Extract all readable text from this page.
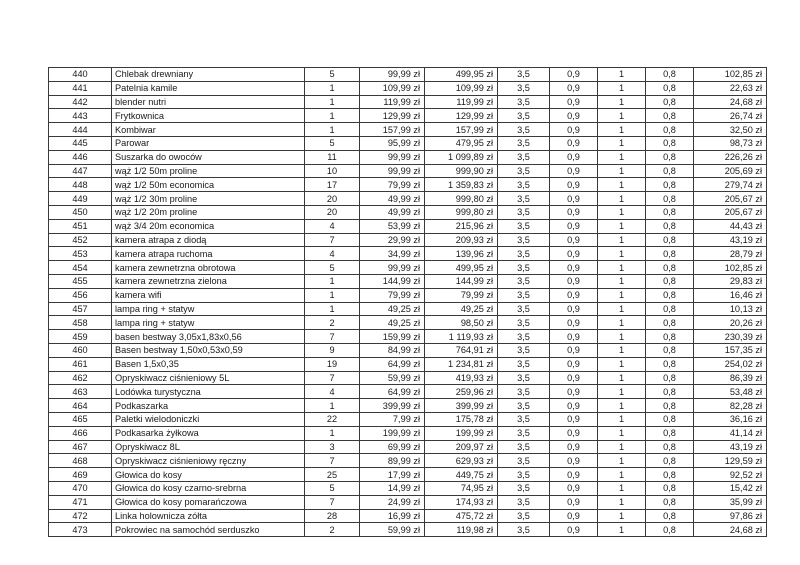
440	Chlebak drewniany	5	99,99 zł	499,95 zł	3,5	0,9	1	0,8	102,85 zł
441	Patelnia kamile	1	109,99 zł	109,99 zł	3,5	0,9	1	0,8	22,63 zł
442	blender nutri	1	119,99 zł	119,99 zł	3,5	0,9	1	0,8	24,68 zł
443	Frytkownica	1	129,99 zł	129,99 zł	3,5	0,9	1	0,8	26,74 zł
444	Kombiwar	1	157,99 zł	157,99 zł	3,5	0,9	1	0,8	32,50 zł
445	Parowar	5	95,99 zł	479,95 zł	3,5	0,9	1	0,8	98,73 zł
446	Suszarka do owoców	11	99,99 zł	1 099,89 zł	3,5	0,9	1	0,8	226,26 zł
447	wąż 1/2 50m proline	10	99,99 zł	999,90 zł	3,5	0,9	1	0,8	205,69 zł
448	wąż 1/2 50m economica	17	79,99 zł	1 359,83 zł	3,5	0,9	1	0,8	279,74 zł
449	wąż 1/2 30m proline	20	49,99 zł	999,80 zł	3,5	0,9	1	0,8	205,67 zł
450	wąż 1/2 20m proline	20	49,99 zł	999,80 zł	3,5	0,9	1	0,8	205,67 zł
451	wąż 3/4 20m economica	4	53,99 zł	215,96 zł	3,5	0,9	1	0,8	44,43 zł
452	kamera atrapa z diodą	7	29,99 zł	209,93 zł	3,5	0,9	1	0,8	43,19 zł
453	kamera atrapa ruchoma	4	34,99 zł	139,96 zł	3,5	0,9	1	0,8	28,79 zł
454	kamera zewnetrzna obrotowa	5	99,99 zł	499,95 zł	3,5	0,9	1	0,8	102,85 zł
455	kamera zewnetrzna zielona	1	144,99 zł	144,99 zł	3,5	0,9	1	0,8	29,83 zł
456	kamera wifi	1	79,99 zł	79,99 zł	3,5	0,9	1	0,8	16,46 zł
457	lampa ring + statyw	1	49,25 zł	49,25 zł	3,5	0,9	1	0,8	10,13 zł
458	lampa ring + statyw	2	49,25 zł	98,50 zł	3,5	0,9	1	0,8	20,26 zł
459	basen bestway 3,05x1,83x0,56	7	159,99 zł	1 119,93 zł	3,5	0,9	1	0,8	230,39 zł
460	Basen bestway 1,50x0,53x0,59	9	84,99 zł	764,91 zł	3,5	0,9	1	0,8	157,35 zł
461	Basen 1,5x0,35	19	64,99 zł	1 234,81 zł	3,5	0,9	1	0,8	254,02 zł
462	Opryskiwacz ciśnieniowy 5L	7	59,99 zł	419,93 zł	3,5	0,9	1	0,8	86,39 zł
463	Lodówka turystyczna	4	64,99 zł	259,96 zł	3,5	0,9	1	0,8	53,48 zł
464	Podkaszarka	1	399,99 zł	399,99 zł	3,5	0,9	1	0,8	82,28 zł
465	Paletki wielodoniczki	22	7,99 zł	175,78 zł	3,5	0,9	1	0,8	36,16 zł
466	Podkasarka żyłkowa	1	199,99 zł	199,99 zł	3,5	0,9	1	0,8	41,14 zł
467	Opryskiwacz 8L	3	69,99 zł	209,97 zł	3,5	0,9	1	0,8	43,19 zł
468	Opryskiwacz ciśnieniowy ręczny	7	89,99 zł	629,93 zł	3,5	0,9	1	0,8	129,59 zł
469	Głowica do kosy	25	17,99 zł	449,75 zł	3,5	0,9	1	0,8	92,52 zł
470	Głowica do kosy czarno-srebrna	5	14,99 zł	74,95 zł	3,5	0,9	1	0,8	15,42 zł
471	Głowica do kosy pomarańczowa	7	24,99 zł	174,93 zł	3,5	0,9	1	0,8	35,99 zł
472	Linka holownicza zółta	28	16,99 zł	475,72 zł	3,5	0,9	1	0,8	97,86 zł
473	Pokrowiec na samochód serduszko	2	59,99 zł	119,98 zł	3,5	0,9	1	0,8	24,68 zł
